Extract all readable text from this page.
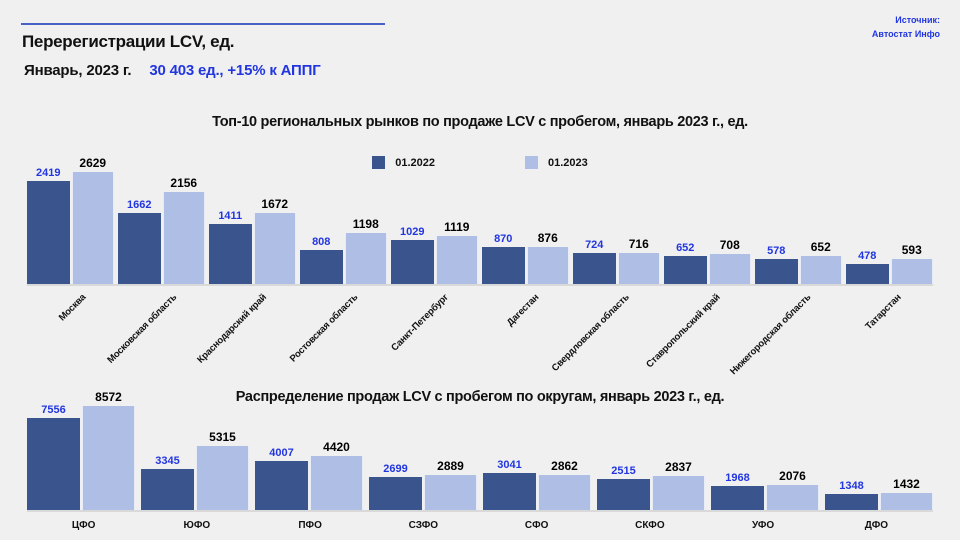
Источник:
Автостат Инфо
Перерегистрации LCV, ед.
Январь, 2023 г. 30 403 ед., +15% к АППГ
Топ-10 региональных рынков по продаже LCV с пробегом, январь 2023 г., ед.
01.2022	01.2023
2419
2629
1662
2156
1411
1672
808
1198
1029 1119
870 876 724 716 652 708 578 652
478 593
Москва Московская область Краснодарский край Ростовская область	Санкт-Петербург	Дагестан Свердловская область Ставропольский край Нижегородская область	Татарстан
Распределение продаж LCV с пробегом по округам, январь 2023 г., ед.
7556
8572
3345
5315
4007 4420
2699 2889	3041 2862	2515 2837
1968 2076
1348 1432
ЦФО	ЮФО	ПФО	СЗФО	СФО	СКФО	УФО	ДФО
